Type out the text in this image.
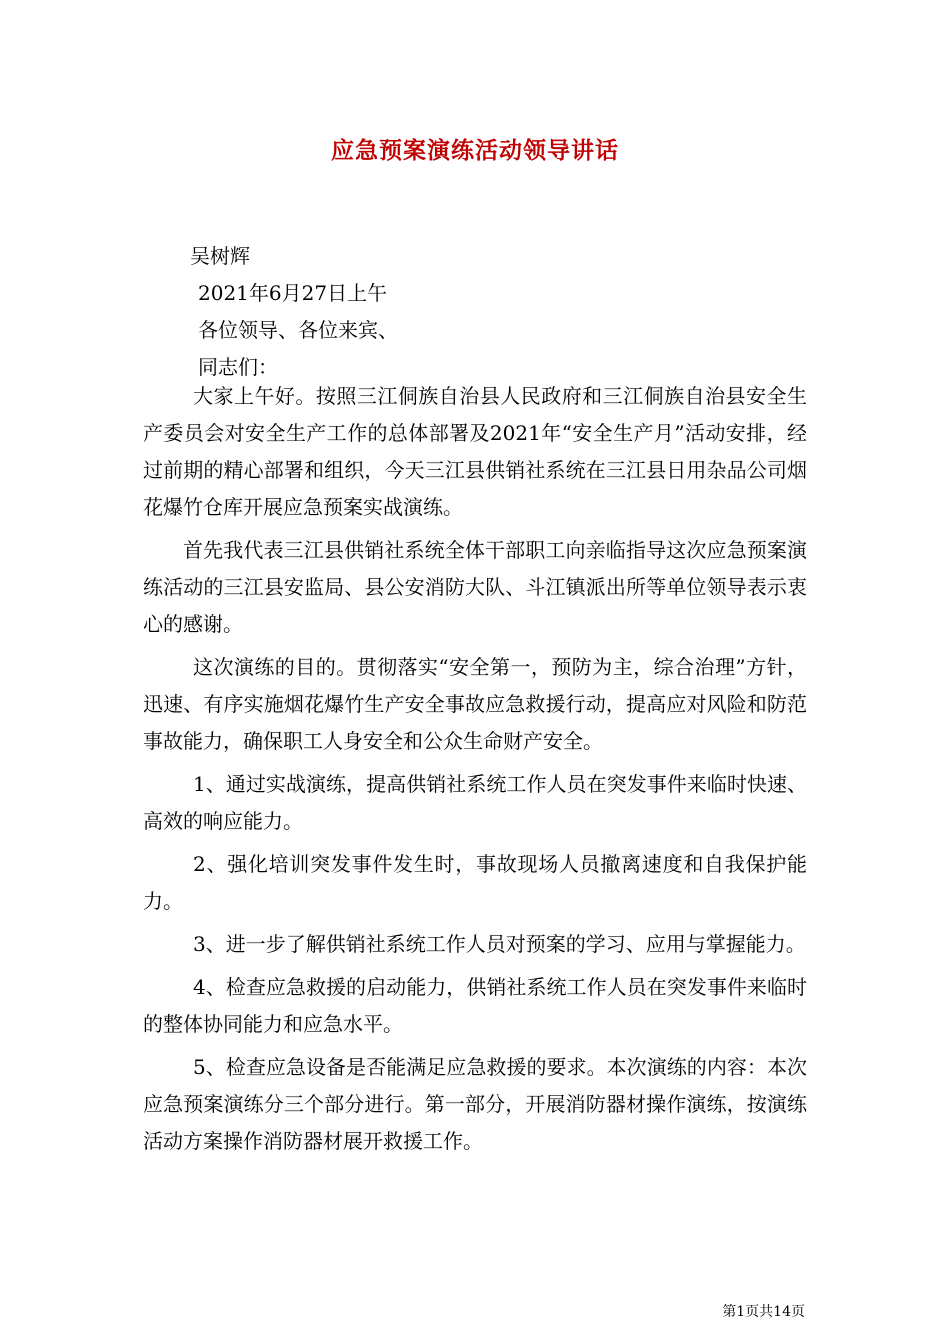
应急预案演练活动领导讲话
吴树辉
2021年6月27日上午
各位领导、各位来宾、
同志们：

大家上午好。按照三江侗族自治县人民政府和三江侗族自治县安全生产委员会对安全生产工作的总体部署及2021年“安全生产月”活动安排，经过前期的精心部署和组织，今天三江县供销社系统在三江县日用杂品公司烟花爆竹仓库开展应急预案实战演练。

首先我代表三江县供销社系统全体干部职工向亲临指导这次应急预案演练活动的三江县安监局、县公安消防大队、斗江镇派出所等单位领导表示衷心的感谢。

这次演练的目的。贯彻落实“安全第一，预防为主，综合治理”方针，迅速、有序实施烟花爆竹生产安全事故应急救援行动，提高应对风险和防范事故能力，确保职工人身安全和公众生命财产安全。

1、通过实战演练，提高供销社系统工作人员在突发事件来临时快速、高效的响应能力。

2、强化培训突发事件发生时，事故现场人员撤离速度和自我保护能力。

3、进一步了解供销社系统工作人员对预案的学习、应用与掌握能力。

4、检查应急救援的启动能力，供销社系统工作人员在突发事件来临时的整体协同能力和应急水平。

5、检查应急设备是否能满足应急救援的要求。本次演练的内容：本次应急预案演练分三个部分进行。第一部分，开展消防器材操作演练，按演练活动方案操作消防器材展开救援工作。

第1页共14页
